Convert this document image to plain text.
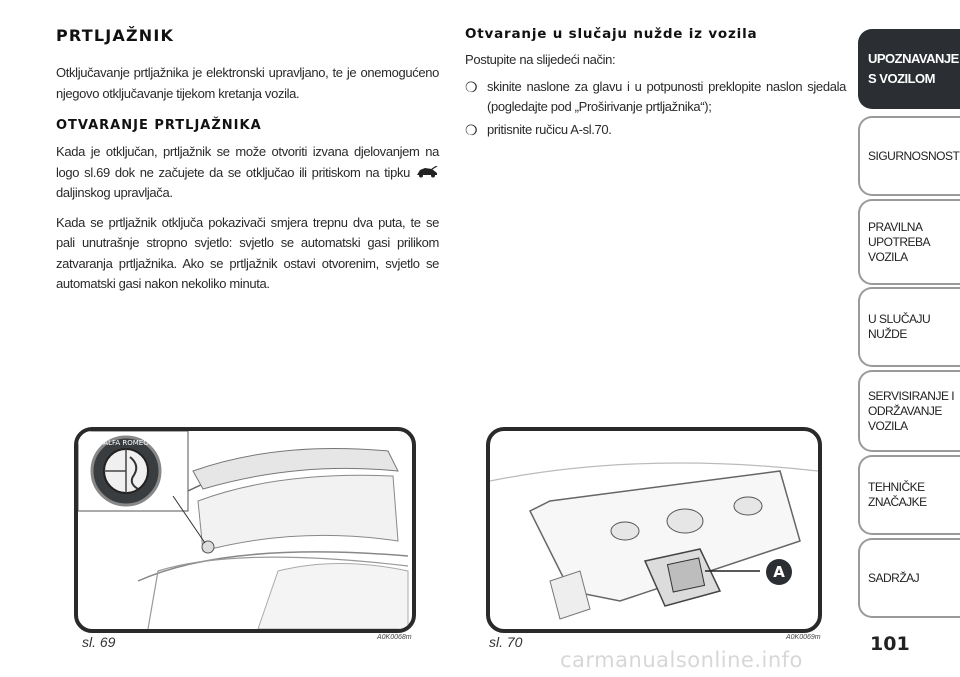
PRTLJAŽNIK

Otključavanje prtljažnika je elektronski upravljano, te je onemogućeno njegovo otključavanje tijekom kretanja vozila.

OTVARANJE PRTLJAŽNIKA

Kada je otključan, prtljažnik se može otvoriti izvana djelovanjem na logo sl.69 dok ne začujete da se otključao ili pritiskom na tipku  daljinskog upravljača.

Kada se prtljažnik otključa pokazivači smjera trepnu dva puta, te se pali unutrašnje stropno svjetlo: svjetlo se automatski gasi prilikom zatvaranja prtljažnika. Ako se prtljažnik ostavi otvorenim, svjetlo se automatski gasi nakon nekoliko minuta.

Otvaranje u slučaju nužde iz vozila

Postupite na slijedeći način:

❍ skinite naslone za glavu i u potpunosti preklopite naslon sjedala (pogledajte pod „Proširivanje prtljažnika“);
❍ pritisnite ručicu A-sl.70.
ALFA ROMEO
sl. 69	A0K0068m
A
sl. 70	A0K0069m
UPOZNAVANJE
S VOZILOM
SIGURNOSNOST
PRAVILNA
UPOTREBA
VOZILA
U SLUČAJU
NUŽDE
SERVISIRANJE I
ODRŽAVANJE
VOZILA
TEHNIČKE
ZNAČAJKE
SADRŽAJ
101
carmanualsonline.info
